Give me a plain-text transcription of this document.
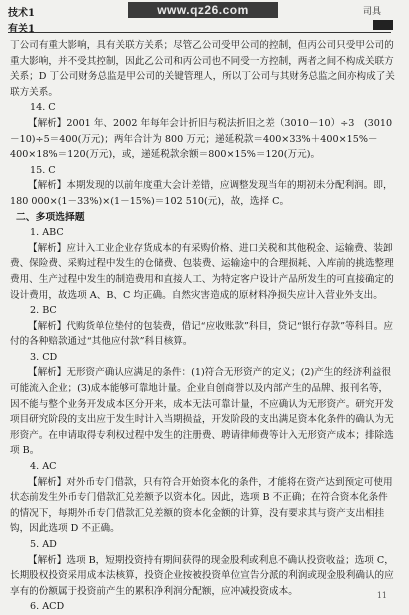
技术1
有关1
www.qz26.com	司具

丁公司有重大影响，具有关联方关系；尽管乙公司受甲公司的控制，但丙公司只受甲公司的重大影响，并不受其控制，因此乙公司和丙公司也不同受一方控制，两者之间不构成关联方关系；D 丁公司财务总监是甲公司的关键管理人，所以丁公司与其财务总监之间亦构成了关联方关系。

14. C

【解析】2001 年、2002 年每年会计折旧与税法折旧之差（3010－10）÷3　(3010－10)÷5＝400(万元)；两年合计为 800 万元；递延税款＝400×33%＋400×15%－400×18%＝120(万元)，或，递延税款余额＝800×15%＝120(万元)。

15. C

【解析】本期发现的以前年度重大会计差错，应调整发现当年的期初未分配利润。即，180 000×(1－33%)×(1－15%)＝102 510(元)，故，选择 C。

二、多项选择题

1. ABC

【解析】应计入工业企业存货成本的有采购价格、进口关税和其他税金、运输费、装卸费、保险费、采购过程中发生的仓储费、包装费、运输途中的合理损耗、入库前的挑选整理费用、生产过程中发生的制造费用和直接人工、为特定客户设计产品所发生的可直接确定的设计费用，故选项 A、B、C 均正确。自然灾害造成的原材料净损失应计入营业外支出。

2. BC

【解析】代购货单位垫付的包装费，借记“应收账款”科目，贷记“银行存款”等科目。应付的各种赔款通过“其他应付款”科目核算。

3. CD

【解析】无形资产确认应满足的条件：(1)符合无形资产的定义；(2)产生的经济利益很可能流入企业；(3)成本能够可靠地计量。企业自创商誉以及内部产生的品牌、报刊名等，因不能与整个业务开发成本区分开来，成本无法可靠计量，不应确认为无形资产。研究开发项目研究阶段的支出应于发生时计入当期损益，开发阶段的支出满足资本化条件的确认为无形资产。在申请取得专利权过程中发生的注册费、聘请律师费等计入无形资产成本；排除选项 B。

4. AC

【解析】对外币专门借款，只有符合开始资本化的条件，才能将在资产达到预定可使用状态前发生外币专门借款汇兑差额予以资本化。因此，选项 B 不正确；在符合资本化条件的情况下，每期外币专门借款汇兑差额的资本化金额的计算，没有要求其与资产支出相挂钩，因此选项 D 不正确。

5. AD

【解析】选项 B，短期投资持有期间获得的现金股利或利息不确认投资收益；选项 C，长期股权投资采用成本法核算，投资企业按被投资单位宣告分派的利润或现金股利确认的应享有的份额属于投资前产生的累积净利润分配额，应冲减投资成本。

6. ACD

11
